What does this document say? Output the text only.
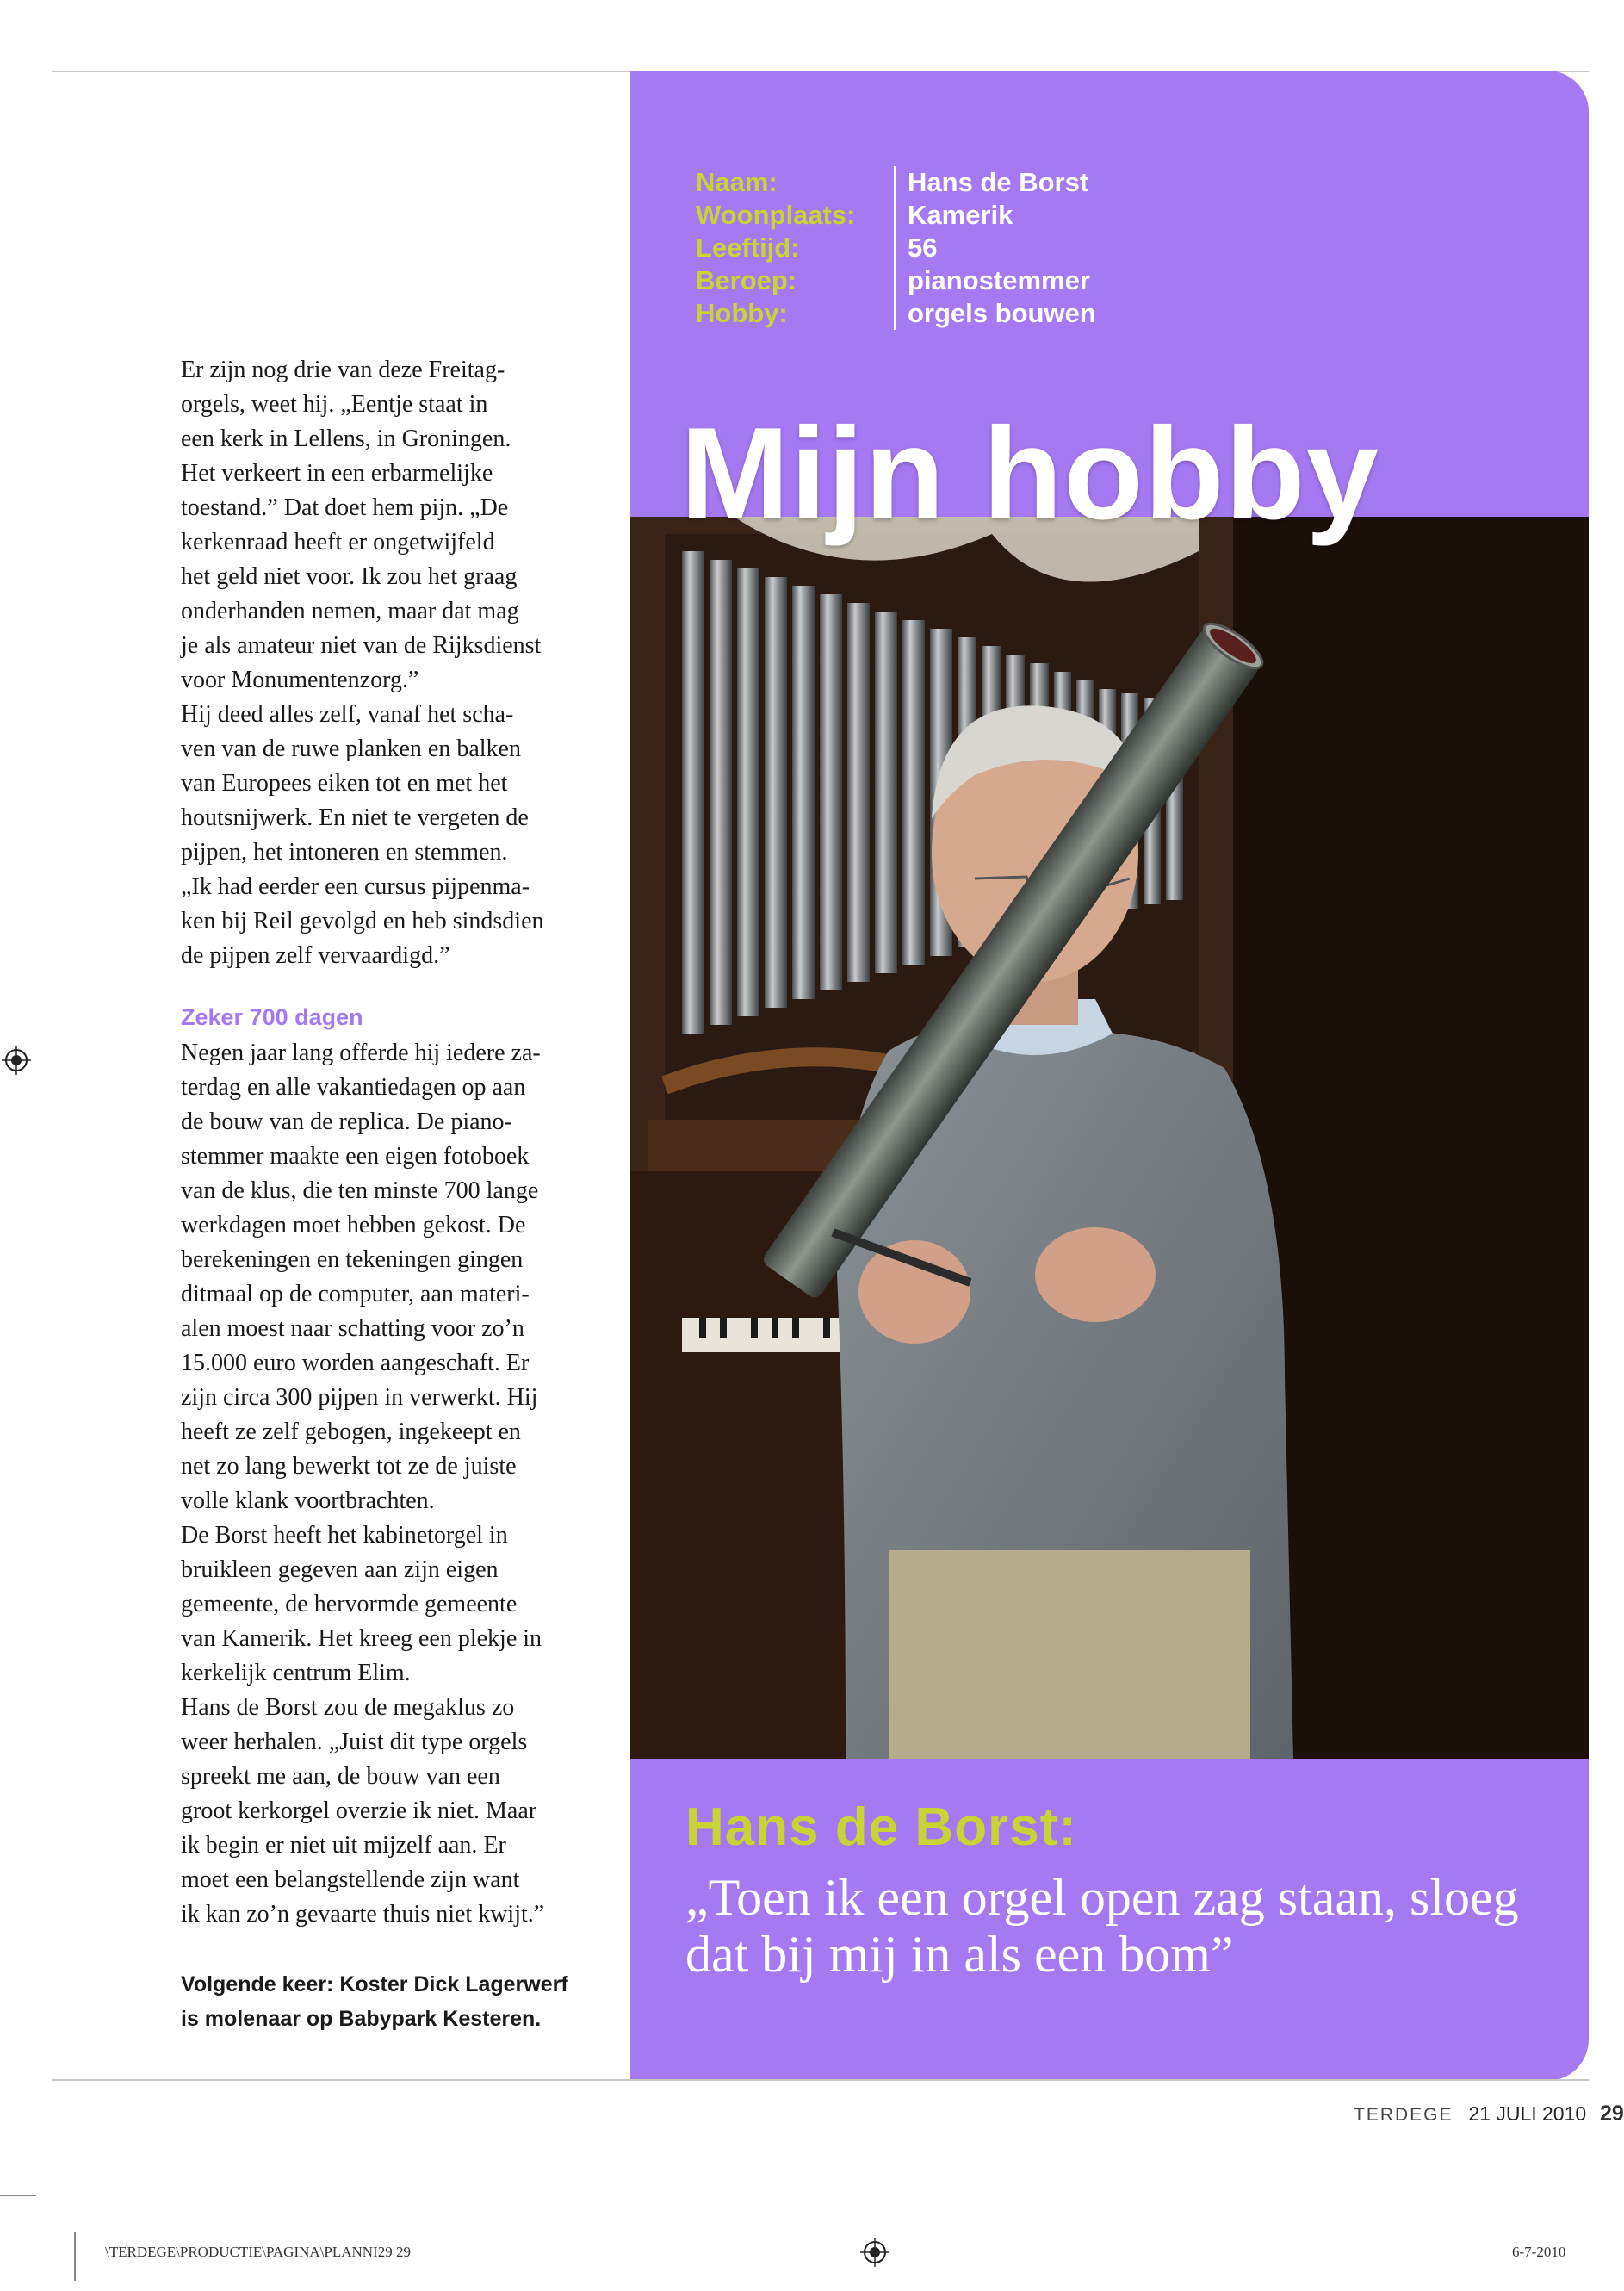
Naam:	Hans de Borst
Woonplaats:	Kamerik
Leeftijd:	56
Beroep:	pianostemmer
Hobby:	orgels bouwen
Mijn hobby
Hans de Borst:

„Toen ik een orgel open zag staan, sloeg dat bij mij in als een bom”

Er zijn nog drie van deze Freitag-
orgels, weet hij. „Eentje staat in
een kerk in Lellens, in Groningen.
Het verkeert in een erbarmelijke
toestand.” Dat doet hem pijn. „De
kerkenraad heeft er ongetwijfeld
het geld niet voor. Ik zou het graag
onderhanden nemen, maar dat mag
je als amateur niet van de Rijksdienst
voor Monumentenzorg.”
Hij deed alles zelf, vanaf het scha-
ven van de ruwe planken en balken
van Europees eiken tot en met het
houtsnijwerk. En niet te vergeten de
pijpen, het intoneren en stemmen.
„Ik had eerder een cursus pijpenma-
ken bij Reil gevolgd en heb sindsdien
de pijpen zelf vervaardigd.”

Zeker 700 dagen

Negen jaar lang offerde hij iedere za-
terdag en alle vakantiedagen op aan
de bouw van de replica. De piano-
stemmer maakte een eigen fotoboek
van de klus, die ten minste 700 lange
werkdagen moet hebben gekost. De
berekeningen en tekeningen gingen
ditmaal op de computer, aan materi-
alen moest naar schatting voor zo’n
15.000 euro worden aangeschaft. Er
zijn circa 300 pijpen in verwerkt. Hij
heeft ze zelf gebogen, ingekeept en
net zo lang bewerkt tot ze de juiste
volle klank voortbrachten.
De Borst heeft het kabinetorgel in
bruikleen gegeven aan zijn eigen
gemeente, de hervormde gemeente
van Kamerik. Het kreeg een plekje in
kerkelijk centrum Elim.
Hans de Borst zou de megaklus zo
weer herhalen. „Juist dit type orgels
spreekt me aan, de bouw van een
groot kerkorgel overzie ik niet. Maar
ik begin er niet uit mijzelf aan. Er
moet een belangstellende zijn want
ik kan zo’n gevaarte thuis niet kwijt.”

Volgende keer: Koster Dick Lagerwerf
is molenaar op Babypark Kesteren.

TERDEGE 21 JULI 2010 29
\TERDEGE\PRODUCTIE\PAGINA\PLANNI29 29	6-7-2010
